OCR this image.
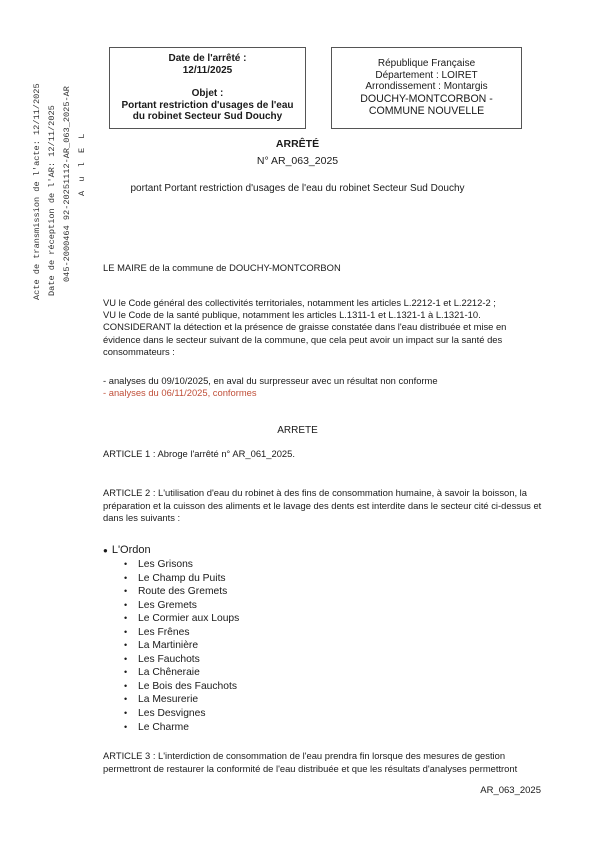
Acte de transmission de l'acte: 12/11/2025 Date de réception de l'AR: 12/11/2025 045-2000464 92-20251112-AR_063_2025-AR A u l E L
Date de l'arrêté :
12/11/2025
Objet :
Portant restriction d'usages de l'eau du robinet Secteur Sud Douchy
République Française
Département : LOIRET
Arrondissement : Montargis
DOUCHY-MONTCORBON - COMMUNE NOUVELLE
ARRÊTÉ
N° AR_063_2025
portant Portant restriction d'usages de l'eau du robinet Secteur Sud Douchy
LE MAIRE de la commune de DOUCHY-MONTCORBON
VU le Code général des collectivités territoriales, notamment les articles L.2212-1 et L.2212-2 ;
VU le Code de la santé publique, notamment les articles L.1311-1 et L.1321-1 à L.1321-10.
CONSIDERANT la détection et la présence de graisse constatée dans l'eau distribuée et mise en évidence dans le secteur suivant de la commune, que cela peut avoir un impact sur la santé des consommateurs :
- analyses du 09/10/2025, en aval du surpresseur avec un résultat non conforme
- analyses du 06/11/2025, conformes
ARRETE
ARTICLE 1 : Abroge l'arrêté n° AR_061_2025.
ARTICLE 2 : L'utilisation d'eau du robinet à des fins de consommation humaine, à savoir la boisson, la préparation et la cuisson des aliments et le lavage des dents est interdite dans le secteur cité ci-dessus et dans les suivants :
● L'Ordon
• Les Grisons
• Le Champ du Puits
• Route des Gremets
• Les Gremets
• Le Cormier aux Loups
• Les Frênes
• La Martinière
• Les Fauchots
• La Chêneraie
• Le Bois des Fauchots
• La Mesurerie
• Les Desvignes
• Le Charme
ARTICLE 3 : L'interdiction de consommation de l'eau prendra fin lorsque des mesures de gestion permettront de restaurer la conformité de l'eau distribuée et que les résultats d'analyses permettront
AR_063_2025
